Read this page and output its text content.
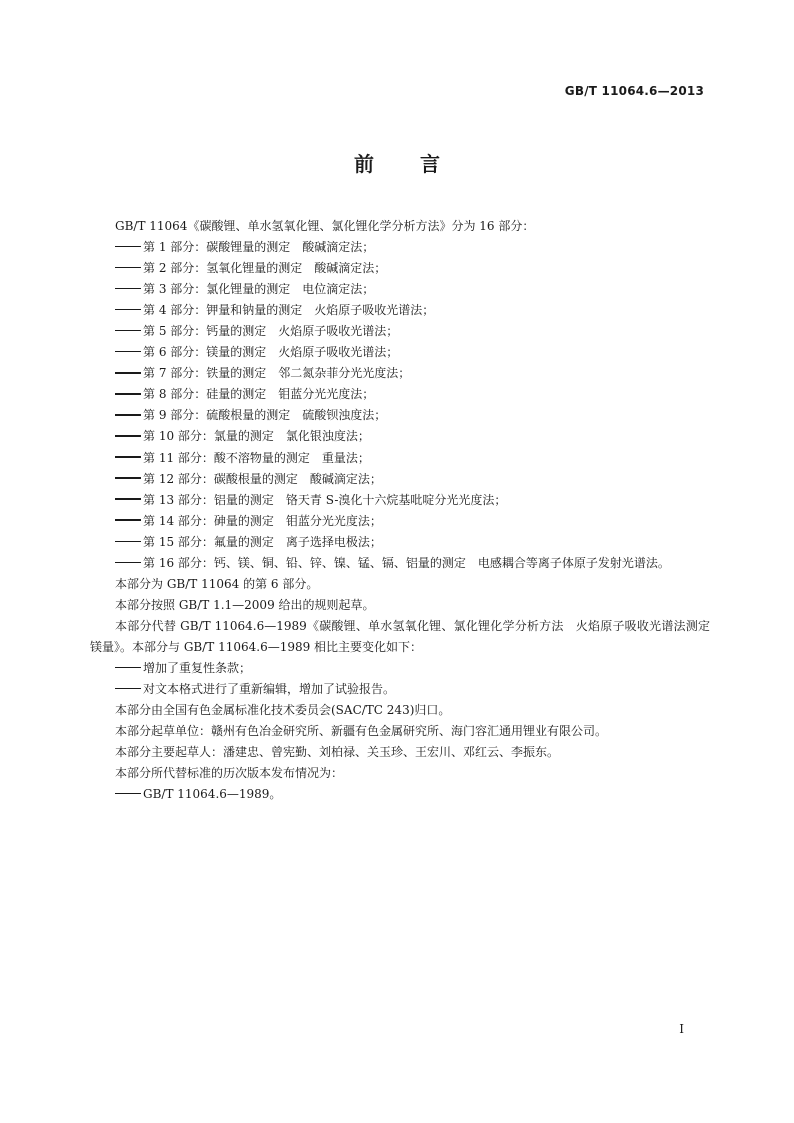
GB/T 11064.6—2013
前 言

GB/T 11064《碳酸锂、单水氢氧化锂、氯化锂化学分析方法》分为 16 部分：

第 1 部分：碳酸锂量的测定　酸碱滴定法；

第 2 部分：氢氧化锂量的测定　酸碱滴定法；

第 3 部分：氯化锂量的测定　电位滴定法；

第 4 部分：钾量和钠量的测定　火焰原子吸收光谱法；

第 5 部分：钙量的测定　火焰原子吸收光谱法；

第 6 部分：镁量的测定　火焰原子吸收光谱法；

第 7 部分：铁量的测定　邻二氮杂菲分光光度法；

第 8 部分：硅量的测定　钼蓝分光光度法；

第 9 部分：硫酸根量的测定　硫酸钡浊度法；

第 10 部分：氯量的测定　氯化银浊度法；

第 11 部分：酸不溶物量的测定　重量法；

第 12 部分：碳酸根量的测定　酸碱滴定法；

第 13 部分：铝量的测定　铬天青 S-溴化十六烷基吡啶分光光度法；

第 14 部分：砷量的测定　钼蓝分光光度法；

第 15 部分：氟量的测定　离子选择电极法；

第 16 部分：钙、镁、铜、铅、锌、镍、锰、镉、铝量的测定　电感耦合等离子体原子发射光谱法。

本部分为 GB/T 11064 的第 6 部分。

本部分按照 GB/T 1.1—2009 给出的规则起草。

本部分代替 GB/T 11064.6—1989《碳酸锂、单水氢氧化锂、氯化锂化学分析方法　火焰原子吸收光谱法测定镁量》。本部分与 GB/T 11064.6—1989 相比主要变化如下：

增加了重复性条款；

对文本格式进行了重新编辑，增加了试验报告。

本部分由全国有色金属标准化技术委员会(SAC/TC 243)归口。

本部分起草单位：赣州有色冶金研究所、新疆有色金属研究所、海门容汇通用锂业有限公司。

本部分主要起草人：潘建忠、曾宪勤、刘柏禄、关玉珍、王宏川、邓红云、李振东。

本部分所代替标准的历次版本发布情况为：

GB/T 11064.6—1989。

I
